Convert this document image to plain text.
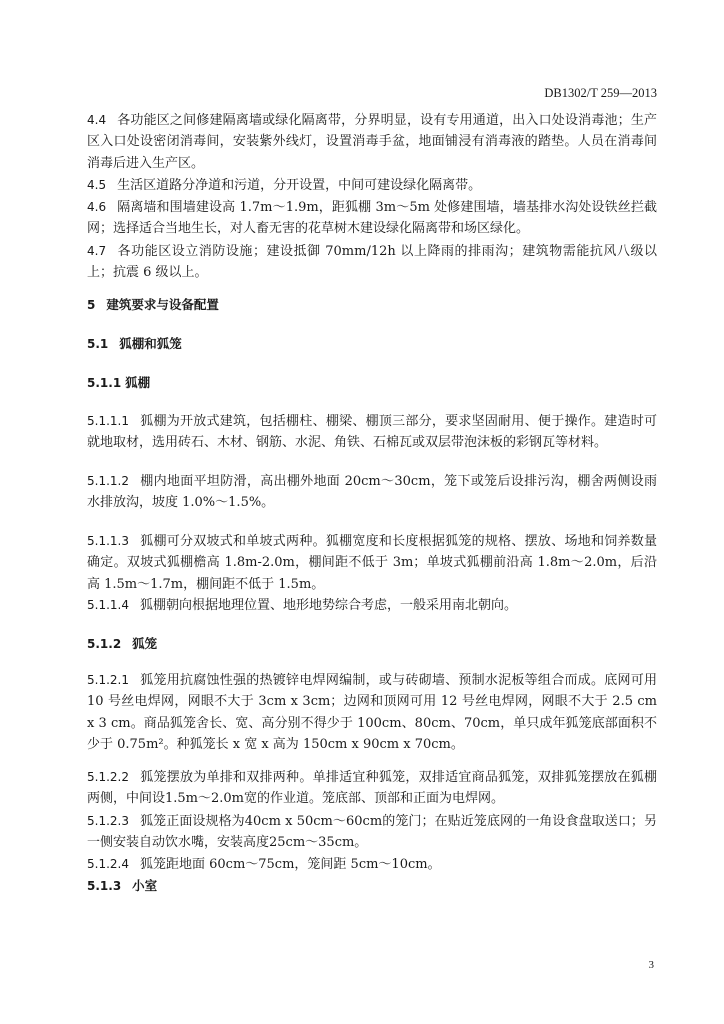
DB1302/T 259—2013
4.4 各功能区之间修建隔离墙或绿化隔离带，分界明显，设有专用通道，出入口处设消毒池；生产区入口处设密闭消毒间，安装紫外线灯，设置消毒手盆，地面铺浸有消毒液的踏垫。人员在消毒间消毒后进入生产区。
4.5 生活区道路分净道和污道，分开设置，中间可建设绿化隔离带。
4.6 隔离墙和围墙建设高 1.7m～1.9m，距狐棚 3m～5m 处修建围墙，墙基排水沟处设铁丝拦截网；选择适合当地生长，对人畜无害的花草树木建设绿化隔离带和场区绿化。
4.7 各功能区设立消防设施；建设抵御 70mm/12h 以上降雨的排雨沟；建筑物需能抗风八级以上；抗震 6 级以上。
5 建筑要求与设备配置
5.1 狐棚和狐笼
5.1.1 狐棚
5.1.1.1 狐棚为开放式建筑，包括棚柱、棚梁、棚顶三部分，要求坚固耐用、便于操作。建造时可就地取材，选用砖石、木材、钢筋、水泥、角铁、石棉瓦或双层带泡沫板的彩钢瓦等材料。
5.1.1.2 棚内地面平坦防滑，高出棚外地面 20cm～30cm，笼下或笼后设排污沟，棚舍两侧设雨水排放沟，坡度 1.0%～1.5%。
5.1.1.3 狐棚可分双坡式和单坡式两种。狐棚宽度和长度根据狐笼的规格、摆放、场地和饲养数量确定。双坡式狐棚檐高 1.8m-2.0m，棚间距不低于 3m；单坡式狐棚前沿高 1.8m～2.0m，后沿高 1.5m～1.7m，棚间距不低于 1.5m。
5.1.1.4 狐棚朝向根据地理位置、地形地势综合考虑，一般采用南北朝向。
5.1.2 狐笼
5.1.2.1 狐笼用抗腐蚀性强的热镀锌电焊网编制，或与砖砌墙、预制水泥板等组合而成。底网可用 10 号丝电焊网，网眼不大于 3cm x 3cm；边网和顶网可用 12 号丝电焊网，网眼不大于 2.5 cm x 3 cm。商品狐笼舍长、宽、高分别不得少于 100cm、80cm、70cm，单只成年狐笼底部面积不少于 0.75m²。种狐笼长 x 宽 x 高为 150cm x 90cm x 70cm。
5.1.2.2 狐笼摆放为单排和双排两种。单排适宜种狐笼，双排适宜商品狐笼，双排狐笼摆放在狐棚两侧，中间设1.5m～2.0m宽的作业道。笼底部、顶部和正面为电焊网。
5.1.2.3 狐笼正面设规格为40cm x 50cm～60cm的笼门；在贴近笼底网的一角设食盘取送口；另一侧安装自动饮水嘴，安装高度25cm～35cm。
5.1.2.4 狐笼距地面 60cm～75cm，笼间距 5cm～10cm。
5.1.3 小室
3
